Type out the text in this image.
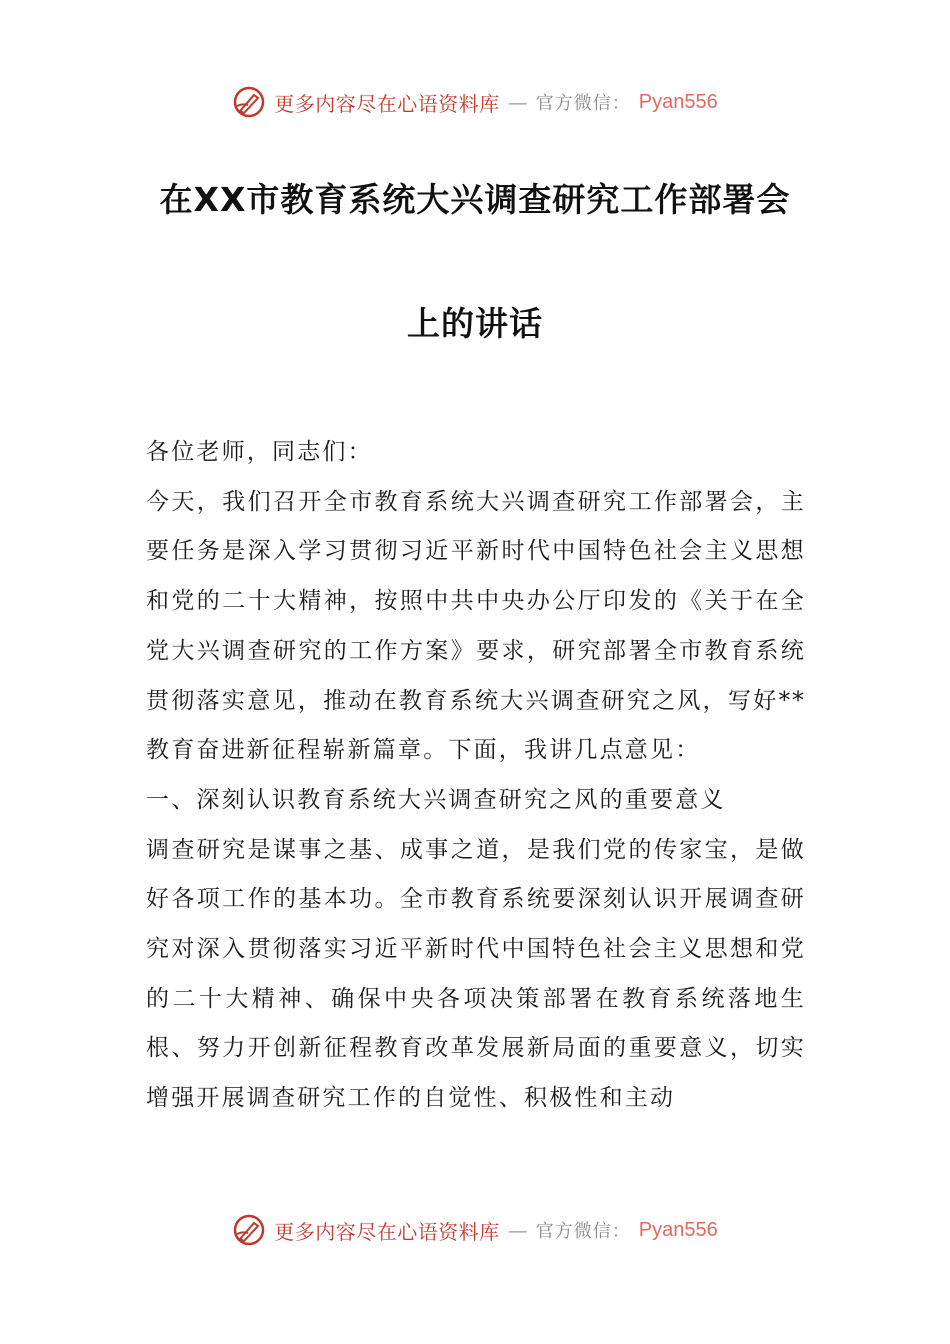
更多内容尽在心语资料库 — 官方微信： Pyan556
在XX市教育系统大兴调查研究工作部署会
上的讲话

各位老师，同志们：

今天，我们召开全市教育系统大兴调查研究工作部署会，主要任务是深入学习贯彻习近平新时代中国特色社会主义思想和党的二十大精神，按照中共中央办公厅印发的《关于在全党大兴调查研究的工作方案》要求，研究部署全市教育系统贯彻落实意见，推动在教育系统大兴调查研究之风，写好**教育奋进新征程崭新篇章。下面，我讲几点意见：

一、深刻认识教育系统大兴调查研究之风的重要意义

调查研究是谋事之基、成事之道，是我们党的传家宝，是做好各项工作的基本功。全市教育系统要深刻认识开展调查研究对深入贯彻落实习近平新时代中国特色社会主义思想和党的二十大精神、确保中央各项决策部署在教育系统落地生根、努力开创新征程教育改革发展新局面的重要意义，切实增强开展调查研究工作的自觉性、积极性和主动

更多内容尽在心语资料库 — 官方微信： Pyan556
